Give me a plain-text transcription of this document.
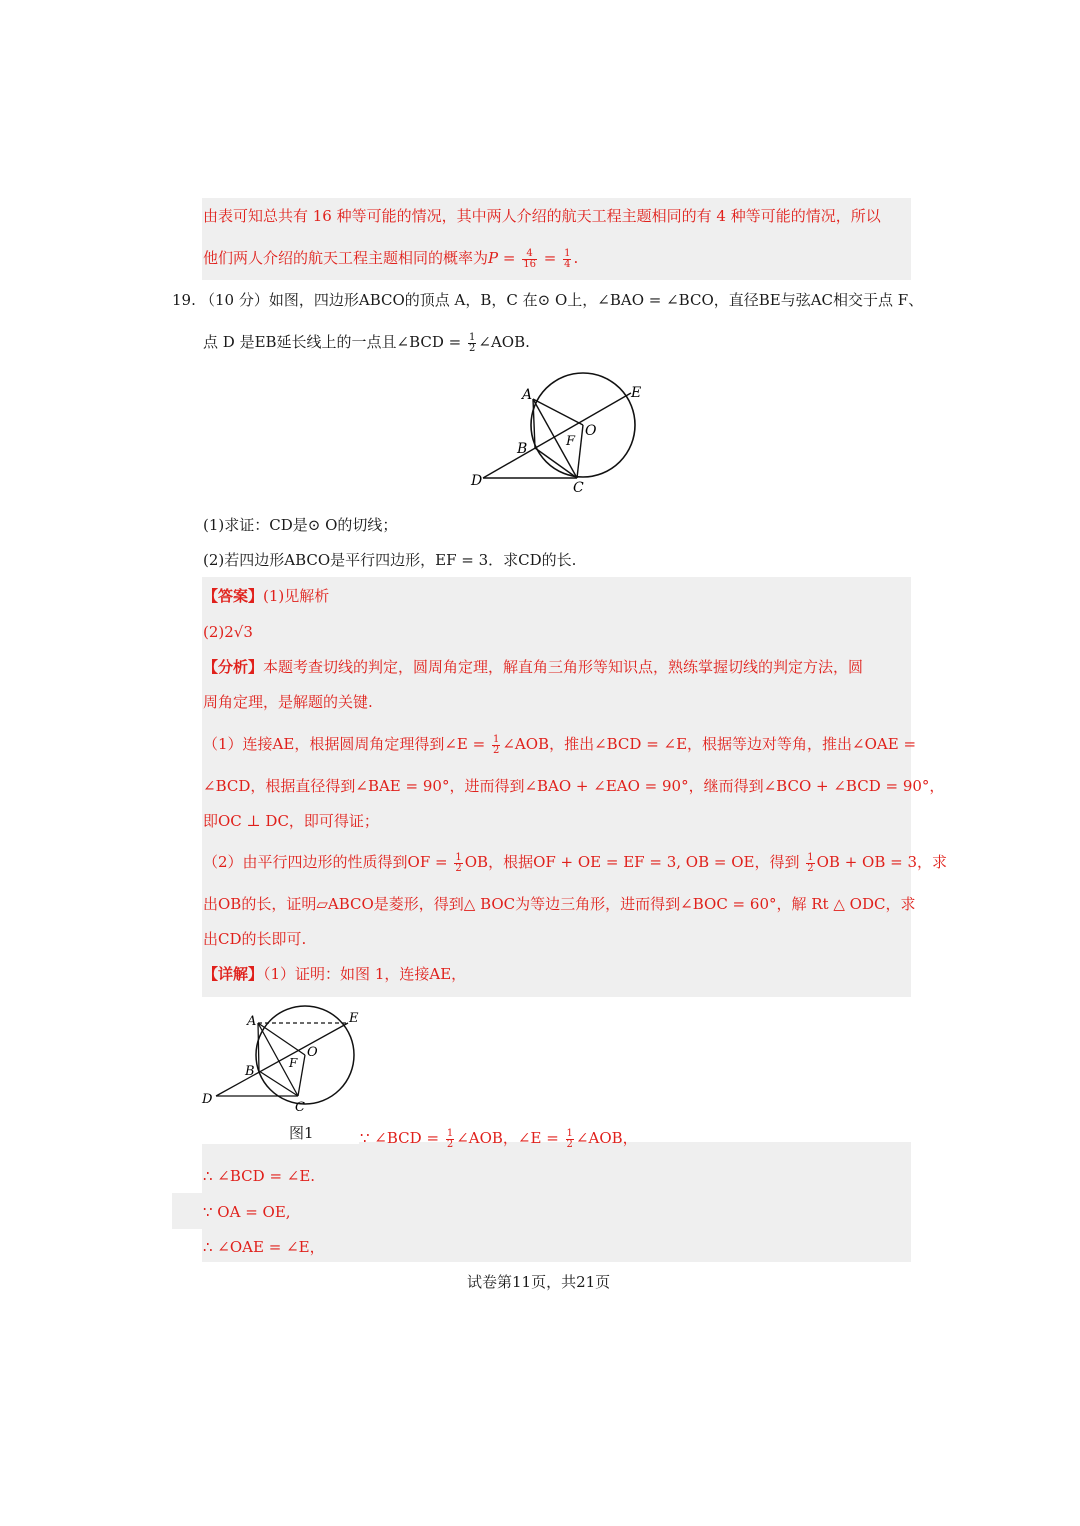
由表可知总共有 16 种等可能的情况，其中两人介绍的航天工程主题相同的有 4 种等可能的情况，所以
他们两人介绍的航天工程主题相同的概率为$P = \frac{4}{16} = \frac{1}{4}$ .
19. （10 分）如图，四边形ABCO的顶点 A，B，C 在⊙ O上，∠BAO = ∠BCO，直径BE与弦AC相交于点 F、
点 D 是EB延长线上的一点且∠BCD = $\frac{1}{2}$ ∠AOB.
A	E
O
F
B
D	C
(1)求证：CD是⊙ O的切线；
(2)若四边形ABCO是平行四边形，EF = 3．求CD的长.
【答案】(1)见解析
(2)2√3
【分析】本题考查切线的判定，圆周角定理，解直角三角形等知识点，熟练掌握切线的判定方法，圆
周角定理，是解题的关键.
（1）连接AE，根据圆周角定理得到∠E = $\frac{1}{2}$ ∠AOB，推出∠BCD = ∠E，根据等边对等角，推出∠OAE =
∠BCD，根据直径得到∠BAE = 90°，进而得到∠BAO + ∠EAO = 90°，继而得到∠BCO + ∠BCD = 90°，
即OC ⊥ DC，即可得证；
（2）由平行四边形的性质得到OF = $\frac{1}{2}$ OB，根据OF + OE = EF = 3, OB = OE，得到 $\frac{1}{2}$ OB + OB = 3，求
出OB的长，证明▱ABCO是菱形，得到△ BOC为等边三角形，进而得到∠BOC = 60°，解 Rt △ ODC，求
出CD的长即可.
【详解】（1）证明：如图 1，连接AE，
A	E
O
F
B
D
C
图1	∵ ∠BCD = $\frac{1}{2}$ ∠AOB，∠E = $\frac{1}{2}$ ∠AOB，
∴ ∠BCD = ∠E.
∵ OA = OE,
∴ ∠OAE = ∠E，
试卷第11页，共21页
